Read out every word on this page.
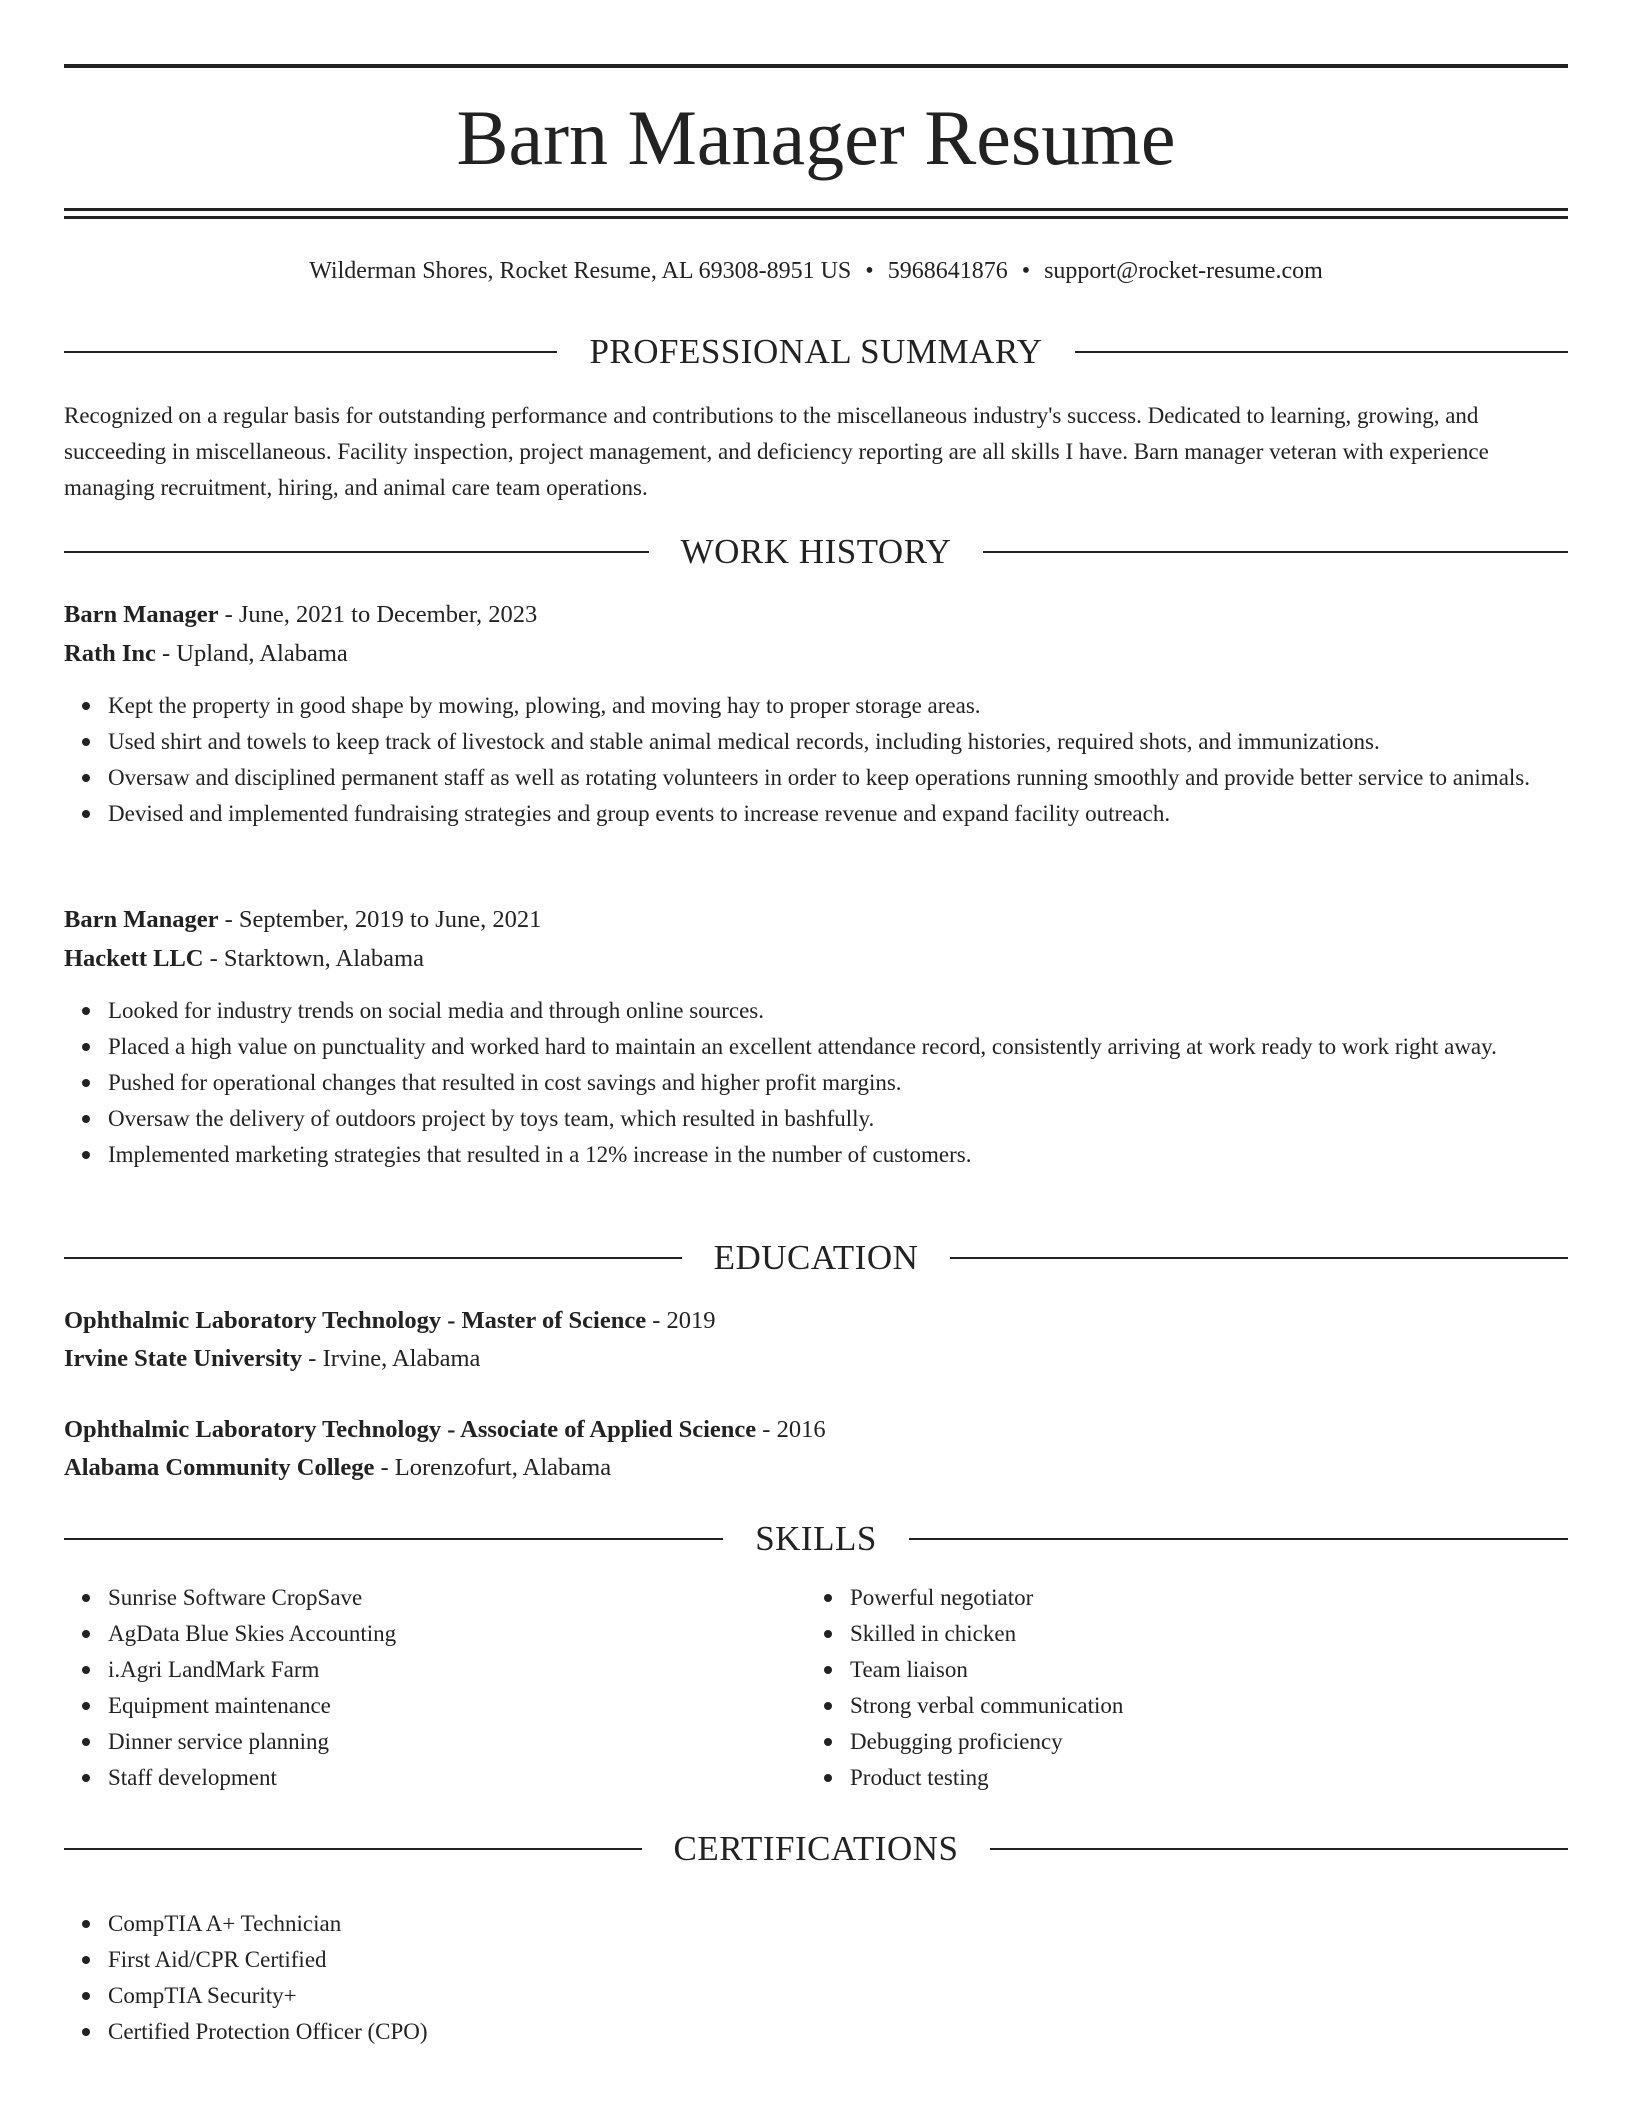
Barn Manager Resume
Wilderman Shores, Rocket Resume, AL 69308-8951 US • 5968641876 • support@rocket-resume.com
PROFESSIONAL SUMMARY

Recognized on a regular basis for outstanding performance and contributions to the miscellaneous industry's success. Dedicated to learning, growing, and succeeding in miscellaneous. Facility inspection, project management, and deficiency reporting are all skills I have. Barn manager veteran with experience managing recruitment, hiring, and animal care team operations.

WORK HISTORY
Barn Manager - June, 2021 to December, 2023
Rath Inc - Upland, Alabama
Kept the property in good shape by mowing, plowing, and moving hay to proper storage areas.
Used shirt and towels to keep track of livestock and stable animal medical records, including histories, required shots, and immunizations.
Oversaw and disciplined permanent staff as well as rotating volunteers in order to keep operations running smoothly and provide better service to animals.
Devised and implemented fundraising strategies and group events to increase revenue and expand facility outreach.
Barn Manager - September, 2019 to June, 2021
Hackett LLC - Starktown, Alabama
Looked for industry trends on social media and through online sources.
Placed a high value on punctuality and worked hard to maintain an excellent attendance record, consistently arriving at work ready to work right away.
Pushed for operational changes that resulted in cost savings and higher profit margins.
Oversaw the delivery of outdoors project by toys team, which resulted in bashfully.
Implemented marketing strategies that resulted in a 12% increase in the number of customers.
EDUCATION
Ophthalmic Laboratory Technology - Master of Science - 2019
Irvine State University - Irvine, Alabama
Ophthalmic Laboratory Technology - Associate of Applied Science - 2016
Alabama Community College - Lorenzofurt, Alabama
SKILLS
Sunrise Software CropSave
AgData Blue Skies Accounting
i.Agri LandMark Farm
Equipment maintenance
Dinner service planning
Staff development
Powerful negotiator
Skilled in chicken
Team liaison
Strong verbal communication
Debugging proficiency
Product testing
CERTIFICATIONS
CompTIA A+ Technician
First Aid/CPR Certified
CompTIA Security+
Certified Protection Officer (CPO)
